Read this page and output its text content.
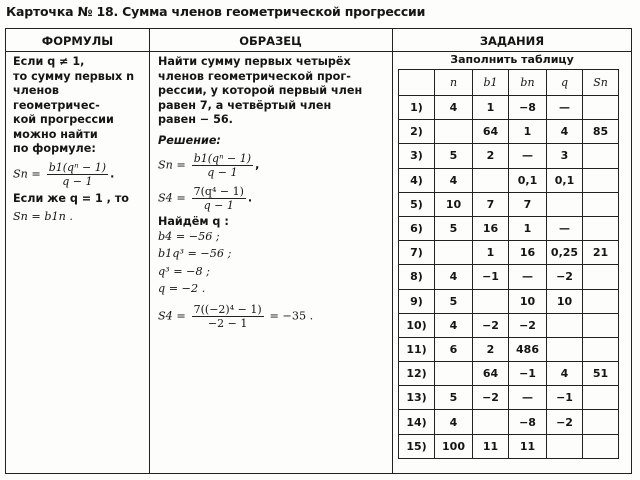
Карточка № 18. Сумма членов геометрической прогрессии
ФОРМУЛЫ	ОБРАЗЕЦ	ЗАДАНИЯ

Если q ≠ 1,

то сумму первых n

членов геометричес-

кой прогрессии

можно найти

по формуле:

$Sn = \frac{\text{b1(qⁿ − 1)}}{q - 1}$ .

Если же q = 1 , то

Sn = b1n .

Найти сумму первых четырёх

членов геометрической прог-

рессии, у которой первый член

равен 7, а четвёртый член

равен − 56.

Решение:

$Sn = \frac{\text{b1(qⁿ − 1)}}{q - 1}$ ,

$S4 = \frac{\text{7(q⁴ − 1)}}{q - 1}$ .

Найдём q :

b4 = −56 ;

b1q³ = −56 ;

q³ = −8 ;

q = −2 .

$S4 = \frac{\text{7((−2)⁴ − 1)}}{-2 - 1} = -35$ .

Заполнить таблицу
	n	b1	bn	q	Sn
1)	4	1	−8	—	
2)		64	1	4	85
3)	5	2	—	3	
4)	4		0,1	0,1	
5)	10	7	7		
6)	5	16	1	—	
7)		1	16	0,25	21
8)	4	−1	—	−2	
9)	5		10	10	
10)	4	−2	−2		
11)	6	2	486		
12)		64	−1	4	51
13)	5	−2	—	−1	
14)	4		−8	−2	
15)	100	11	11		
